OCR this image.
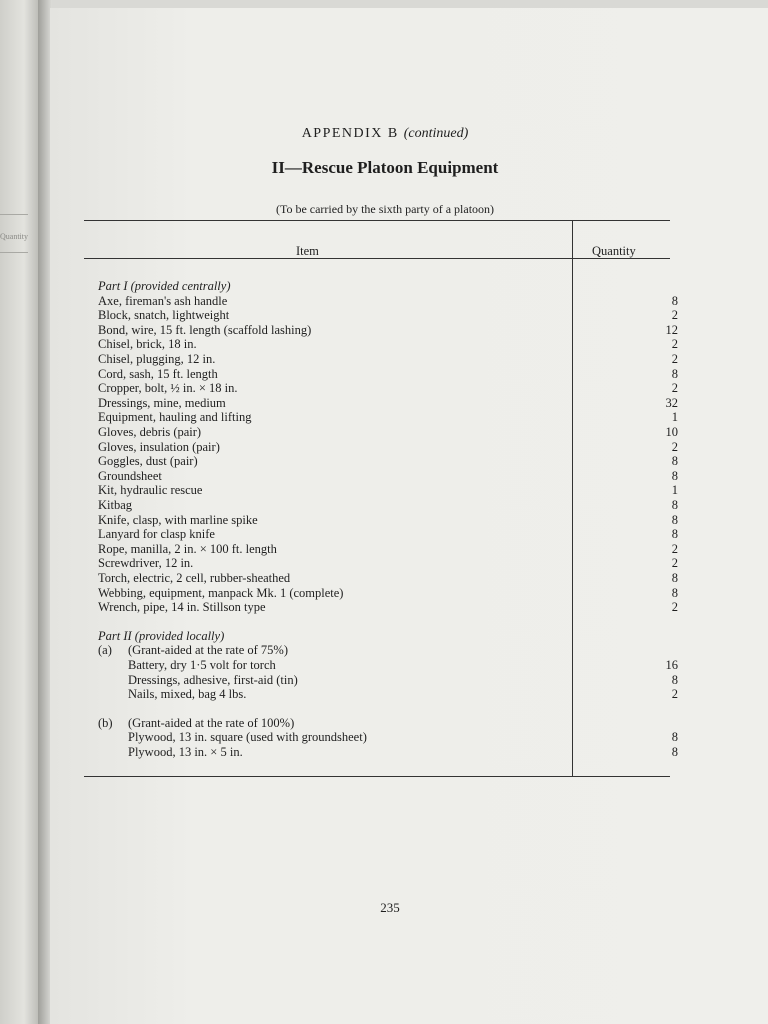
Quantity
APPENDIX B (continued)
II—Rescue Platoon Equipment
(To be carried by the sixth party of a platoon)
Item	Quantity
Part I (provided centrally)
Axe, fireman's ash handle	8
Block, snatch, lightweight	2
Bond, wire, 15 ft. length (scaffold lashing)	12
Chisel, brick, 18 in.	2
Chisel, plugging, 12 in.	2
Cord, sash, 15 ft. length	8
Cropper, bolt, ½ in. × 18 in.	2
Dressings, mine, medium	32
Equipment, hauling and lifting	1
Gloves, debris (pair)	10
Gloves, insulation (pair)	2
Goggles, dust (pair)	8
Groundsheet	8
Kit, hydraulic rescue	1
Kitbag	8
Knife, clasp, with marline spike	8
Lanyard for clasp knife	8
Rope, manilla, 2 in. × 100 ft. length	2
Screwdriver, 12 in.	2
Torch, electric, 2 cell, rubber-sheathed	8
Webbing, equipment, manpack Mk. 1 (complete)	8
Wrench, pipe, 14 in. Stillson type	2
Part II (provided locally)
(a) (Grant-aided at the rate of 75%)
Battery, dry 1·5 volt for torch	16
Dressings, adhesive, first-aid (tin)	8
Nails, mixed, bag 4 lbs.	2
(b) (Grant-aided at the rate of 100%)
Plywood, 13 in. square (used with groundsheet)	8
Plywood, 13 in. × 5 in.	8
235
